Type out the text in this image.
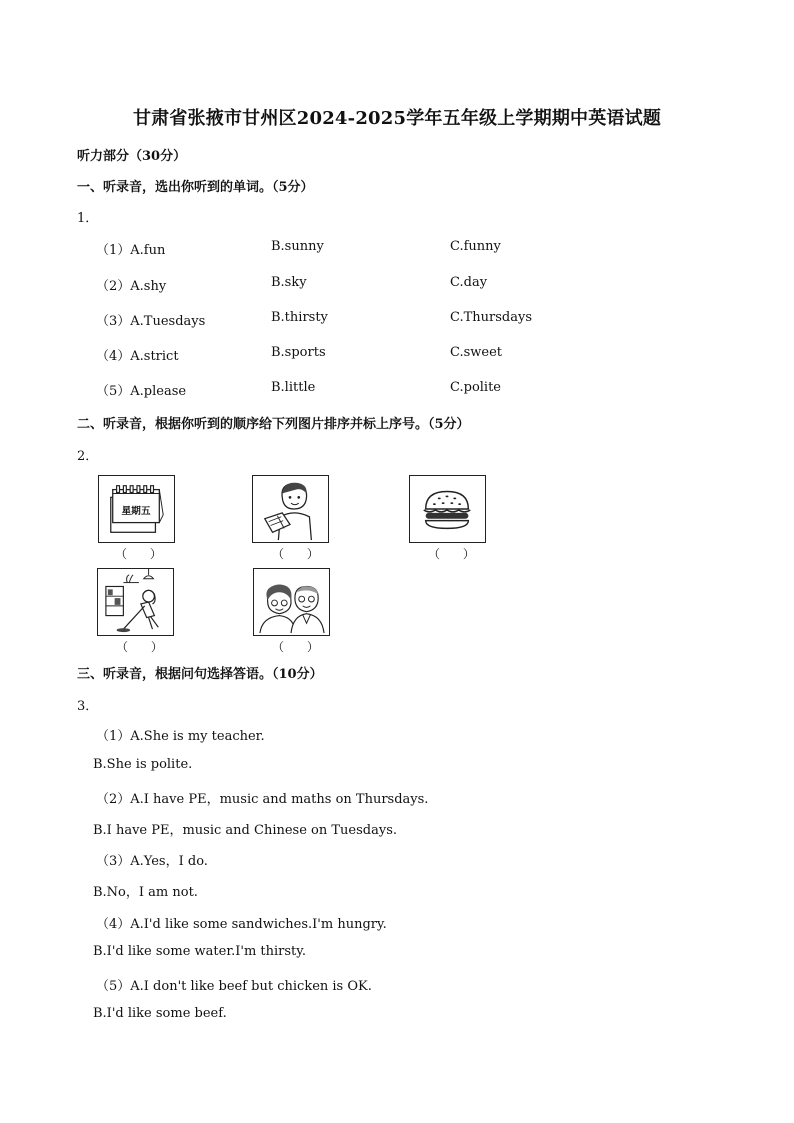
甘肃省张掖市甘州区2024-2025学年五年级上学期期中英语试题
听力部分（30分）
一、听录音，选出你听到的单词。（5分）
1．
（1）A.fun	B.sunny	C.funny
（2）A.shy	B.sky	C.day
（3）A.Tuesdays	B.thirsty	C.Thursdays
（4）A.strict	B.sports	C.sweet
（5）A.please	B.little	C.polite
二、听录音，根据你听到的顺序给下列图片排序并标上序号。（5分）
2．
星期五
（      ）	（      ）	（      ）
（      ）	（      ）
三、听录音，根据问句选择答语。（10分）
3．
（1）A.She is my teacher.
B.She is polite.
（2）A.I have PE，music and maths on Thursdays.
B.I have PE，music and Chinese on Tuesdays.
（3）A.Yes，I do.
B.No，I am not.
（4）A.I'd like some sandwiches.I'm hungry.
B.I'd like some water.I'm thirsty.
（5）A.I don't like beef but chicken is OK.
B.I'd like some beef.
